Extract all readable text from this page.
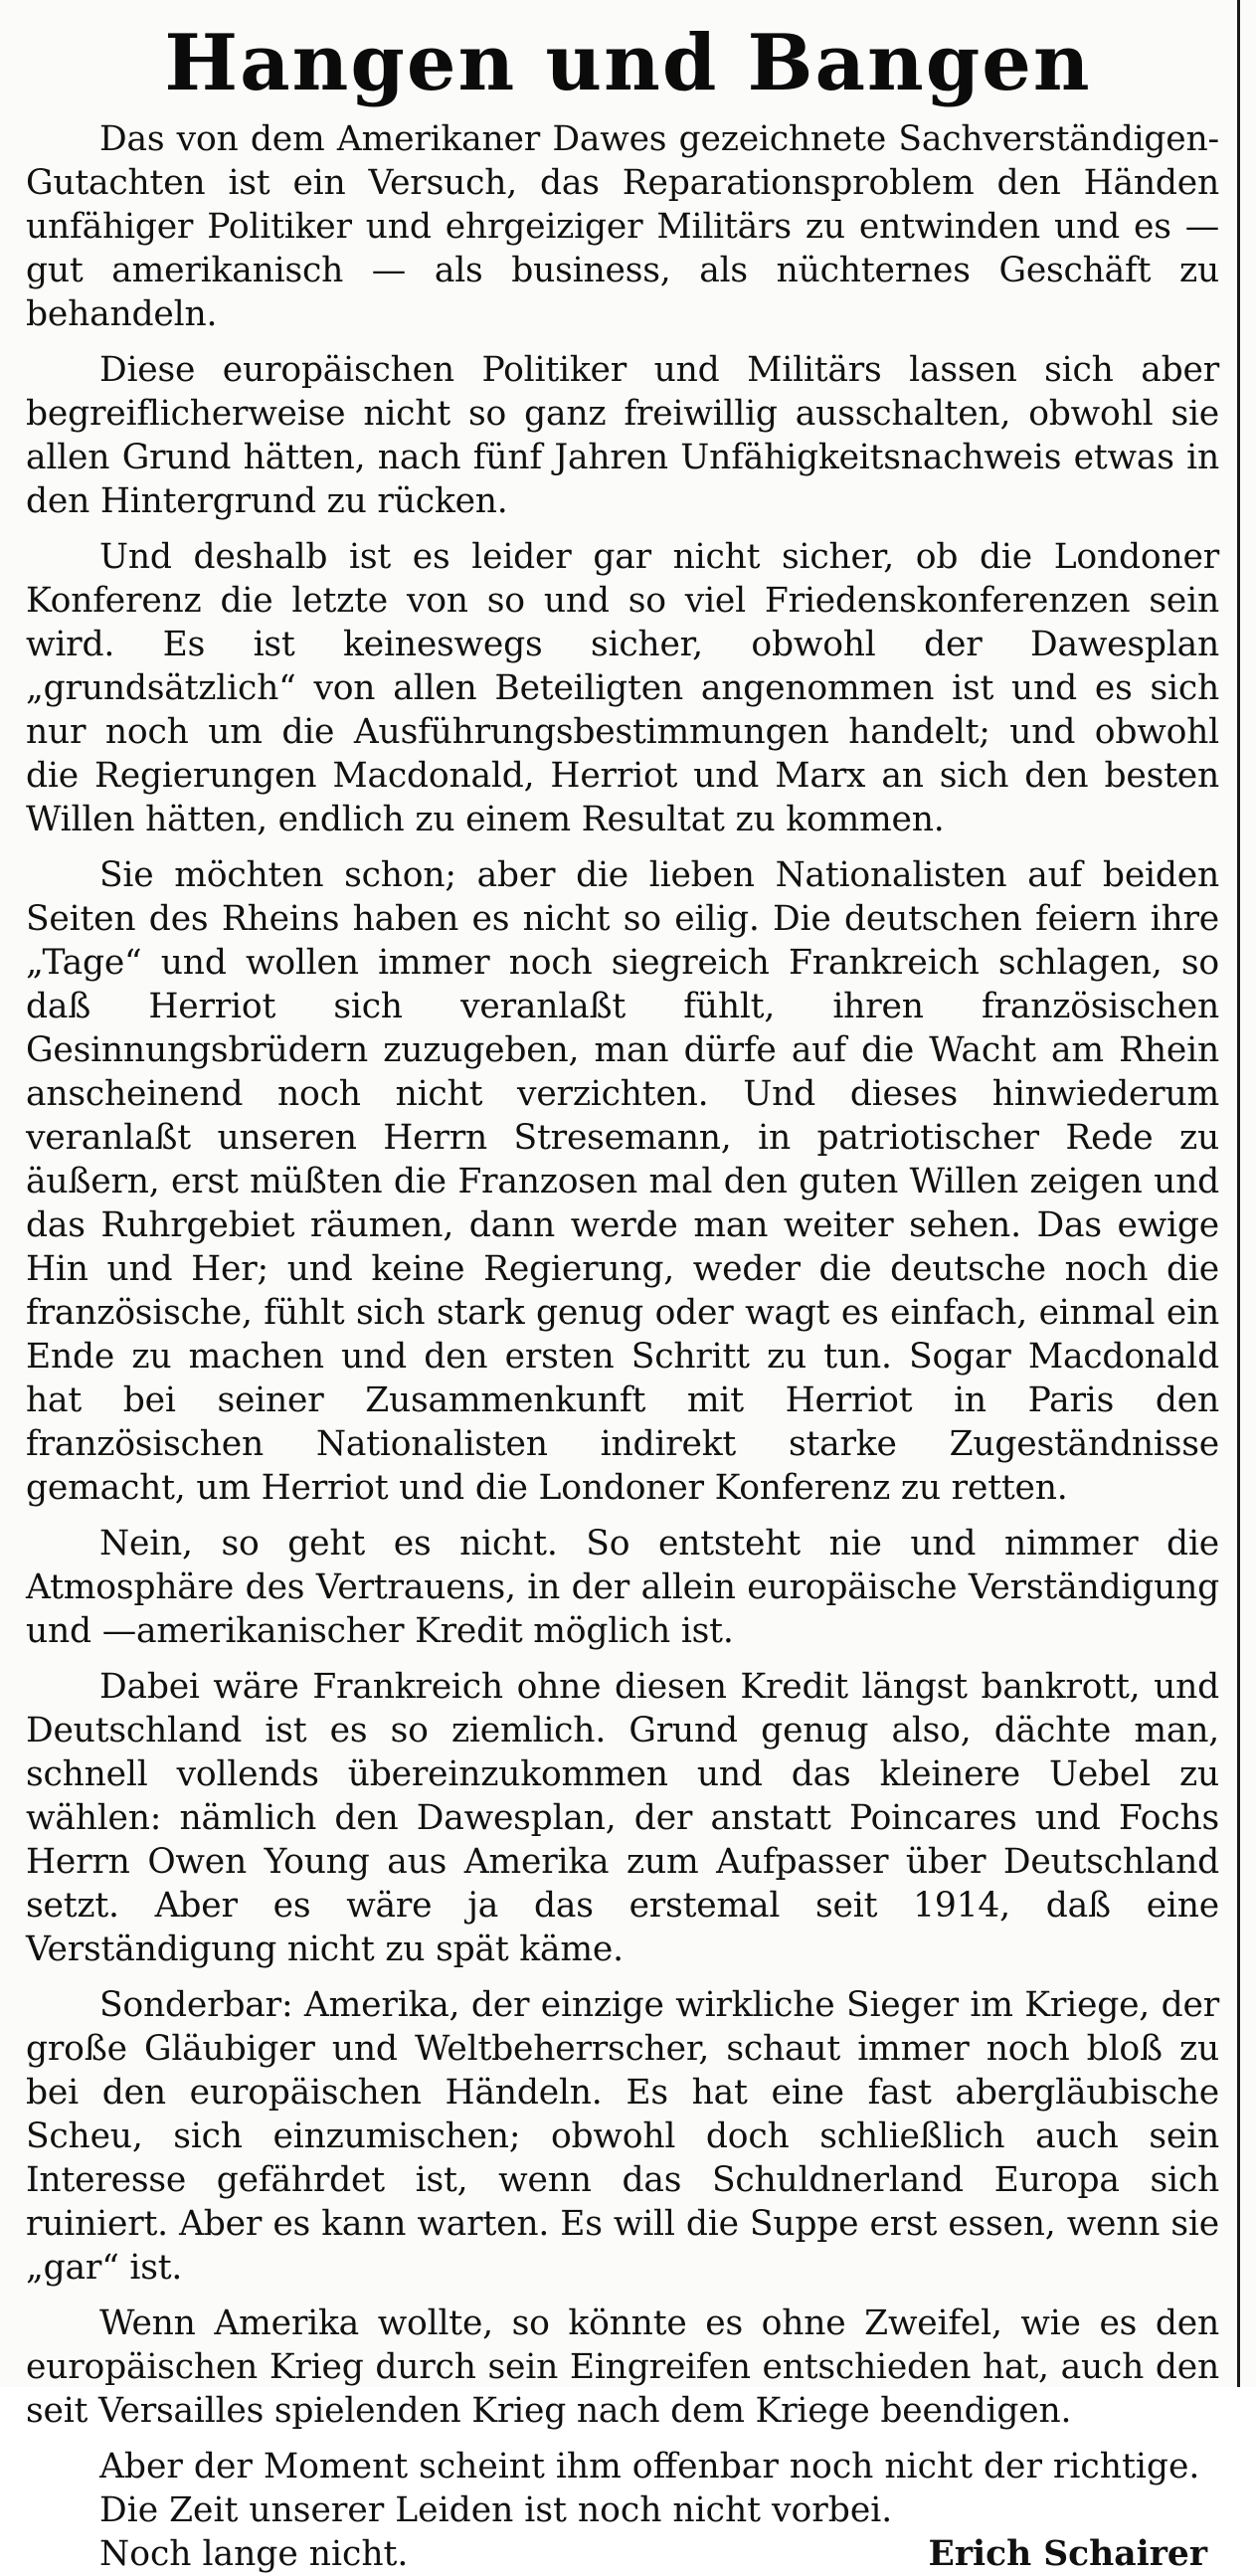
Hangen und Bangen

Das von dem Amerikaner Dawes gezeichnete Sachverständigen-Gutachten ist ein Versuch, das Reparationsproblem den Händen unfähiger Politiker und ehrgeiziger Militärs zu entwinden und es — gut amerikanisch — als business, als nüchternes Geschäft zu behandeln.

Diese europäischen Politiker und Militärs lassen sich aber begreiflicherweise nicht so ganz freiwillig ausschalten, obwohl sie allen Grund hätten, nach fünf Jahren Unfähigkeitsnachweis etwas in den Hintergrund zu rücken.

Und deshalb ist es leider gar nicht sicher, ob die Londoner Konferenz die letzte von so und so viel Friedenskonferenzen sein wird. Es ist keineswegs sicher, obwohl der Dawesplan „grundsätzlich“ von allen Beteiligten angenommen ist und es sich nur noch um die Ausführungsbestimmungen handelt; und obwohl die Regierungen Macdonald, Herriot und Marx an sich den besten Willen hätten, endlich zu einem Resultat zu kommen.

Sie möchten schon; aber die lieben Nationalisten auf beiden Seiten des Rheins haben es nicht so eilig. Die deutschen feiern ihre „Tage“ und wollen immer noch siegreich Frankreich schlagen, so daß Herriot sich veranlaßt fühlt, ihren französischen Gesinnungsbrüdern zuzugeben, man dürfe auf die Wacht am Rhein anscheinend noch nicht verzichten. Und dieses hinwiederum veranlaßt unseren Herrn Stresemann, in patriotischer Rede zu äußern, erst müßten die Franzosen mal den guten Willen zeigen und das Ruhrgebiet räumen, dann werde man weiter sehen. Das ewige Hin und Her; und keine Regierung, weder die deutsche noch die französische, fühlt sich stark genug oder wagt es einfach, einmal ein Ende zu machen und den ersten Schritt zu tun. Sogar Macdonald hat bei seiner Zusammenkunft mit Herriot in Paris den französischen Nationalisten indirekt starke Zugeständnisse gemacht, um Herriot und die Londoner Konferenz zu retten.

Nein, so geht es nicht. So entsteht nie und nimmer die Atmosphäre des Vertrauens, in der allein europäische Verständigung und —amerikanischer Kredit möglich ist.

Dabei wäre Frankreich ohne diesen Kredit längst bankrott, und Deutschland ist es so ziemlich. Grund genug also, dächte man, schnell vollends übereinzukommen und das kleinere Uebel zu wählen: nämlich den Dawesplan, der anstatt Poincares und Fochs Herrn Owen Young aus Amerika zum Aufpasser über Deutschland setzt. Aber es wäre ja das erstemal seit 1914, daß eine Verständigung nicht zu spät käme.

Sonderbar: Amerika, der einzige wirkliche Sieger im Kriege, der große Gläubiger und Weltbeherrscher, schaut immer noch bloß zu bei den europäischen Händeln. Es hat eine fast abergläubische Scheu, sich einzumischen; obwohl doch schließlich auch sein Interesse gefährdet ist, wenn das Schuldnerland Europa sich ruiniert. Aber es kann warten. Es will die Suppe erst essen, wenn sie „gar“ ist.

Wenn Amerika wollte, so könnte es ohne Zweifel, wie es den europäischen Krieg durch sein Eingreifen entschieden hat, auch den seit Versailles spielenden Krieg nach dem Kriege beendigen.

Aber der Moment scheint ihm offenbar noch nicht der richtige.
Die Zeit unserer Leiden ist noch nicht vorbei.
Noch lange nicht.	Erich Schairer
